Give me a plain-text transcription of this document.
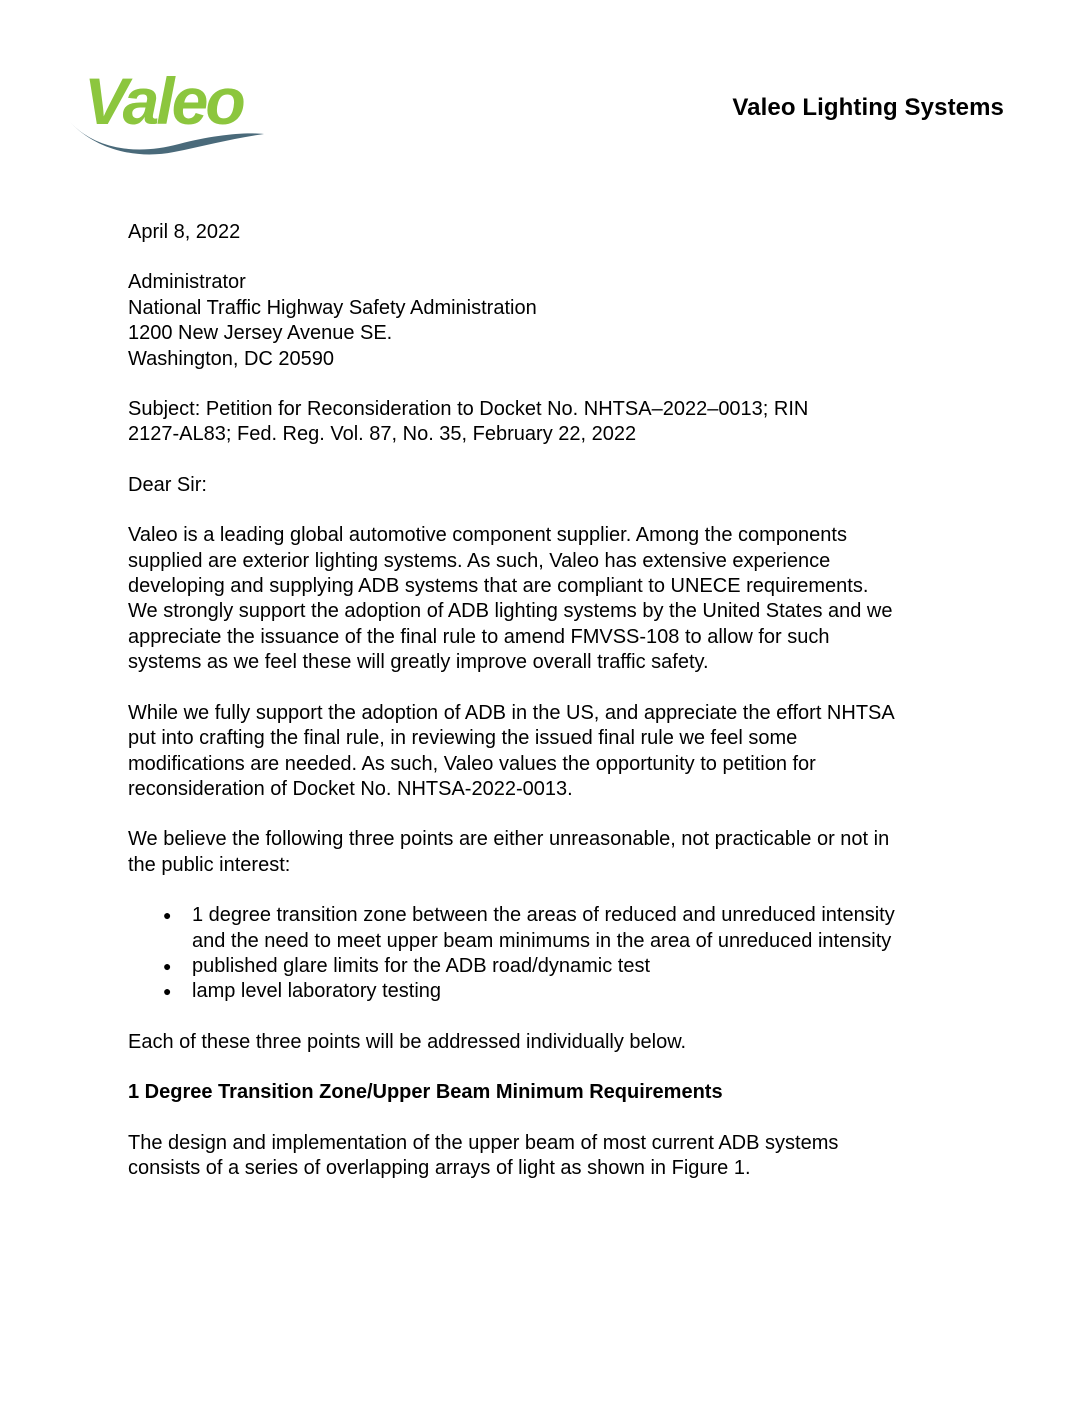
Valeo	Valeo Lighting Systems

April 8, 2022

Administrator
National Traffic Highway Safety Administration
1200 New Jersey Avenue SE.
Washington, DC 20590

Subject: Petition for Reconsideration to Docket No. NHTSA–2022–0013; RIN
2127-AL83; Fed. Reg. Vol. 87, No. 35, February 22, 2022

Dear Sir:

Valeo is a leading global automotive component supplier. Among the components
supplied are exterior lighting systems. As such, Valeo has extensive experience
developing and supplying ADB systems that are compliant to UNECE requirements.
We strongly support the adoption of ADB lighting systems by the United States and we
appreciate the issuance of the final rule to amend FMVSS-108 to allow for such
systems as we feel these will greatly improve overall traffic safety.

While we fully support the adoption of ADB in the US, and appreciate the effort NHTSA
put into crafting the final rule, in reviewing the issued final rule we feel some
modifications are needed. As such, Valeo values the opportunity to petition for
reconsideration of Docket No. NHTSA-2022-0013.

We believe the following three points are either unreasonable, not practicable or not in
the public interest:

● 1 degree transition zone between the areas of reduced and unreduced intensity
and the need to meet upper beam minimums in the area of unreduced intensity
● published glare limits for the ADB road/dynamic test
● lamp level laboratory testing

Each of these three points will be addressed individually below.

1 Degree Transition Zone/Upper Beam Minimum Requirements

The design and implementation of the upper beam of most current ADB systems
consists of a series of overlapping arrays of light as shown in Figure 1.
